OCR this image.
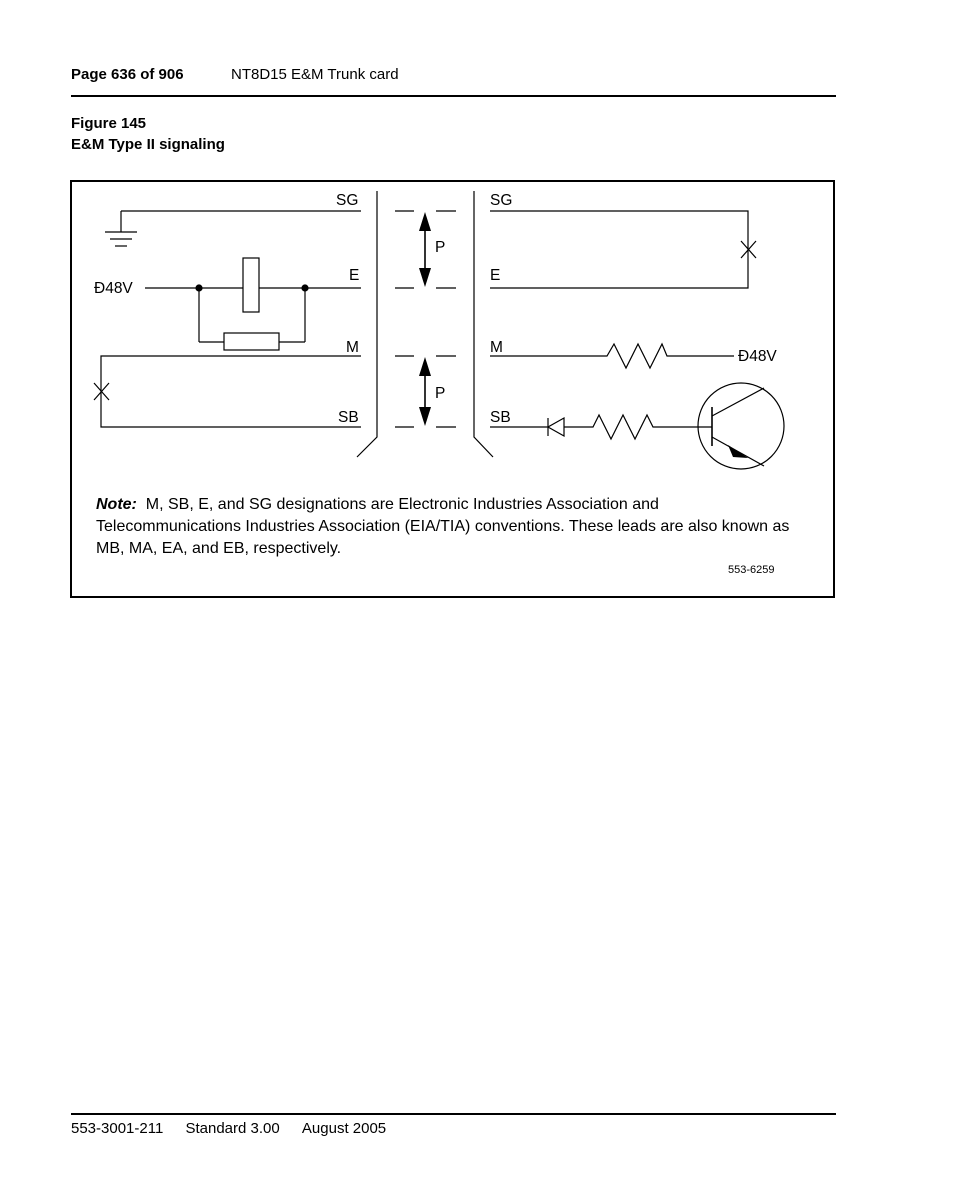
Page 636 of 906	NT8D15 E&M Trunk card
Figure 145
E&M Type II signaling
SG
E
M
SB
SG
E
M
SB
Ð48V
Ð48V
P
P
Note: M, SB, E, and SG designations are Electronic Industries Association and Telecommunications Industries Association (EIA/TIA) conventions. These leads are also known as MB, MA, EA, and EB, respectively.
553-6259
553-3001-211 Standard 3.00 August 2005
